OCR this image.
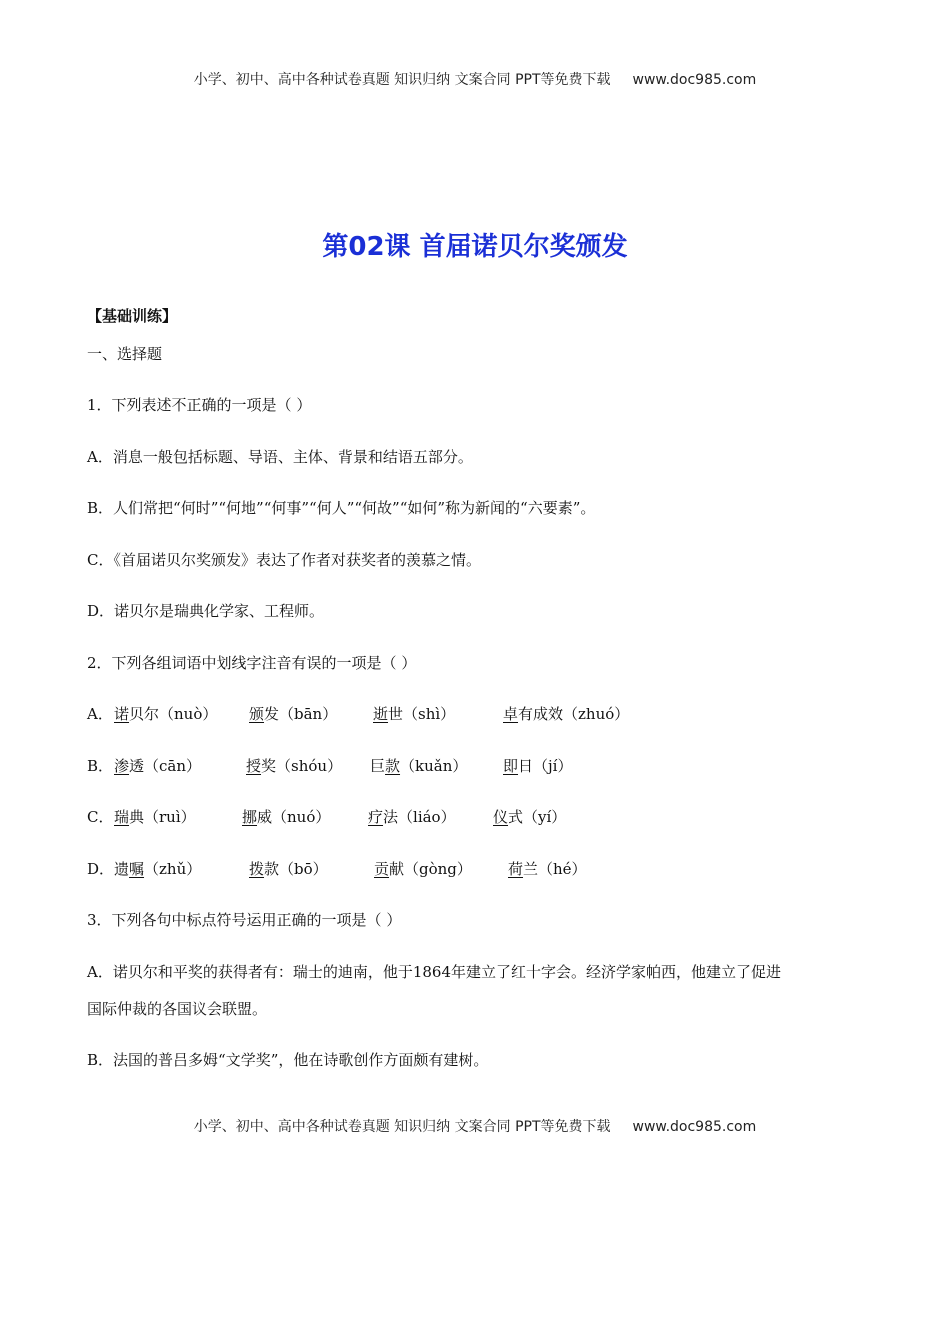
小学、初中、高中各种试卷真题 知识归纳 文案合同 PPT等免费下载 www.doc985.com
第02课 首届诺贝尔奖颁发
【基础训练】
一、选择题
1．下列表述不正确的一项是（ ）
A．消息一般包括标题、导语、主体、背景和结语五部分。
B．人们常把“何时”“何地”“何事”“何人”“何故”“如何”称为新闻的“六要素”。
C．《首届诺贝尔奖颁发》表达了作者对获奖者的羡慕之情。
D．诺贝尔是瑞典化学家、工程师。
2．下列各组词语中划线字注音有误的一项是（ ）
A． 诺贝尔（nuò） 颁发（bān） 逝世（shì）	卓有成效（zhuó）
B． 渗透（cān）	授奖（shóu） 巨款（kuǎn） 即日（jí）
C． 瑞典（ruì）	挪威（nuó）	疗法（liáo） 仪式（yí）
D． 遗嘱（zhǔ）	拨款（bō）	贡献（gòng） 荷兰（hé）
3．下列各句中标点符号运用正确的一项是（ ）
A．诺贝尔和平奖的获得者有：瑞士的迪南，他于1864年建立了红十字会。经济学家帕西，他建立了促进
国际仲裁的各国议会联盟。
B．法国的普吕多姆“文学奖”，他在诗歌创作方面颇有建树。
小学、初中、高中各种试卷真题 知识归纳 文案合同 PPT等免费下载 www.doc985.com
